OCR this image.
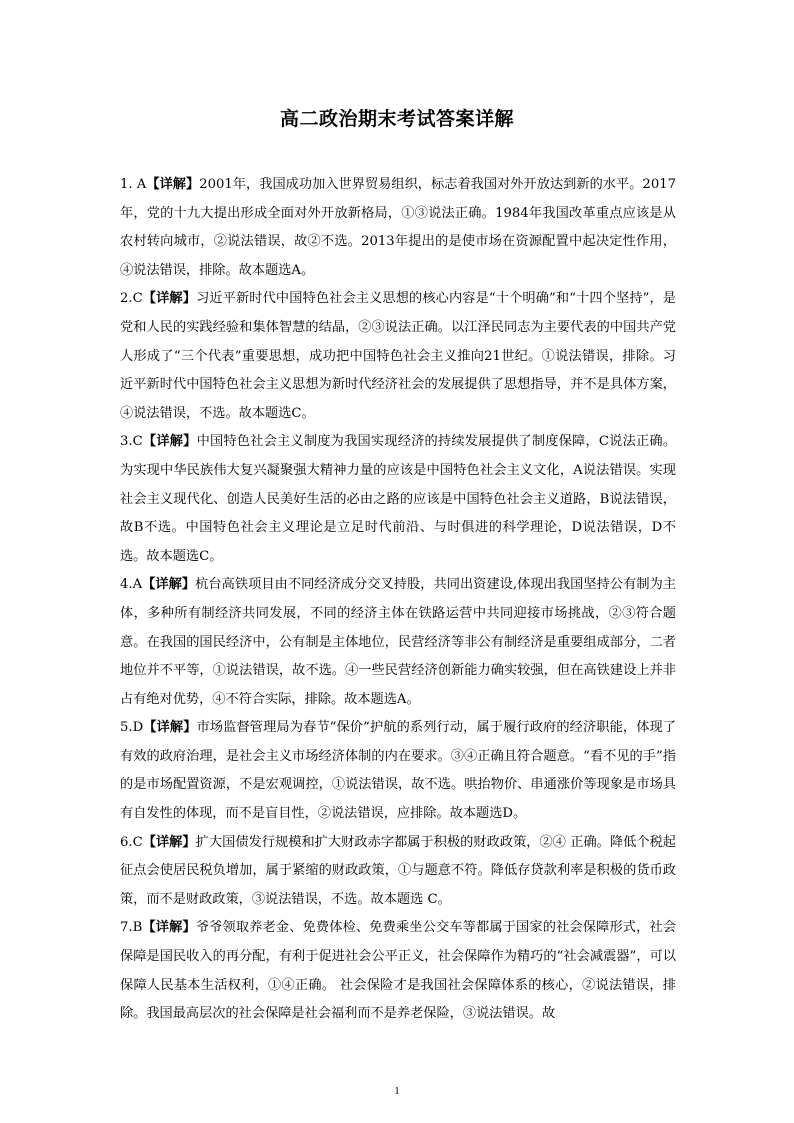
高二政治期末考试答案详解

1. A【详解】2001年，我国成功加入世界贸易组织，标志着我国对外开放达到新的水平。2017年，党的十九大提出形成全面对外开放新格局，①③说法正确。1984年我国改革重点应该是从农村转向城市，②说法错误，故②不选。2013年提出的是使市场在资源配置中起决定性作用，④说法错误，排除。故本题选A。

2.C【详解】习近平新时代中国特色社会主义思想的核心内容是“十个明确”和“十四个坚持”，是党和人民的实践经验和集体智慧的结晶，②③说法正确。以江泽民同志为主要代表的中国共产党人形成了“三个代表”重要思想，成功把中国特色社会主义推向21世纪。①说法错误，排除。习近平新时代中国特色社会主义思想为新时代经济社会的发展提供了思想指导，并不是具体方案，④说法错误，不选。故本题选C。

3.C【详解】中国特色社会主义制度为我国实现经济的持续发展提供了制度保障，C说法正确。为实现中华民族伟大复兴凝聚强大精神力量的应该是中国特色社会主义文化，A说法错误。实现社会主义现代化、创造人民美好生活的必由之路的应该是中国特色社会主义道路，B说法错误，故B不选。中国特色社会主义理论是立足时代前沿、与时俱进的科学理论，D说法错误，D不选。故本题选C。

4.A【详解】杭台高铁项目由不同经济成分交叉持股，共同出资建设,体现出我国坚持公有制为主体，多种所有制经济共同发展，不同的经济主体在铁路运营中共同迎接市场挑战，②③符合题意。在我国的国民经济中，公有制是主体地位，民营经济等非公有制经济是重要组成部分，二者地位并不平等，①说法错误，故不选。④一些民营经济创新能力确实较强，但在高铁建设上并非占有绝对优势，④不符合实际，排除。故本题选A。

5.D【详解】市场监督管理局为春节“保价”护航的系列行动，属于履行政府的经济职能，体现了有效的政府治理，是社会主义市场经济体制的内在要求。③④正确且符合题意。“看不见的手”指的是市场配置资源，不是宏观调控，①说法错误，故不选。哄抬物价、串通涨价等现象是市场具有自发性的体现，而不是盲目性，②说法错误，应排除。故本题选D。

6.C【详解】扩大国债发行规模和扩大财政赤字都属于积极的财政政策，②④ 正确。降低个税起征点会使居民税负增加，属于紧缩的财政政策，①与题意不符。降低存贷款利率是积极的货币政策，而不是财政政策，③说法错误，不选。故本题选 C。

7.B【详解】爷爷领取养老金、免费体检、免费乘坐公交车等都属于国家的社会保障形式，社会保障是国民收入的再分配，有利于促进社会公平正义，社会保障作为精巧的“社会减震器”，可以保障人民基本生活权利，①④正确。 社会保险才是我国社会保障体系的核心，②说法错误，排除。我国最高层次的社会保障是社会福利而不是养老保险，③说法错误。故

1
